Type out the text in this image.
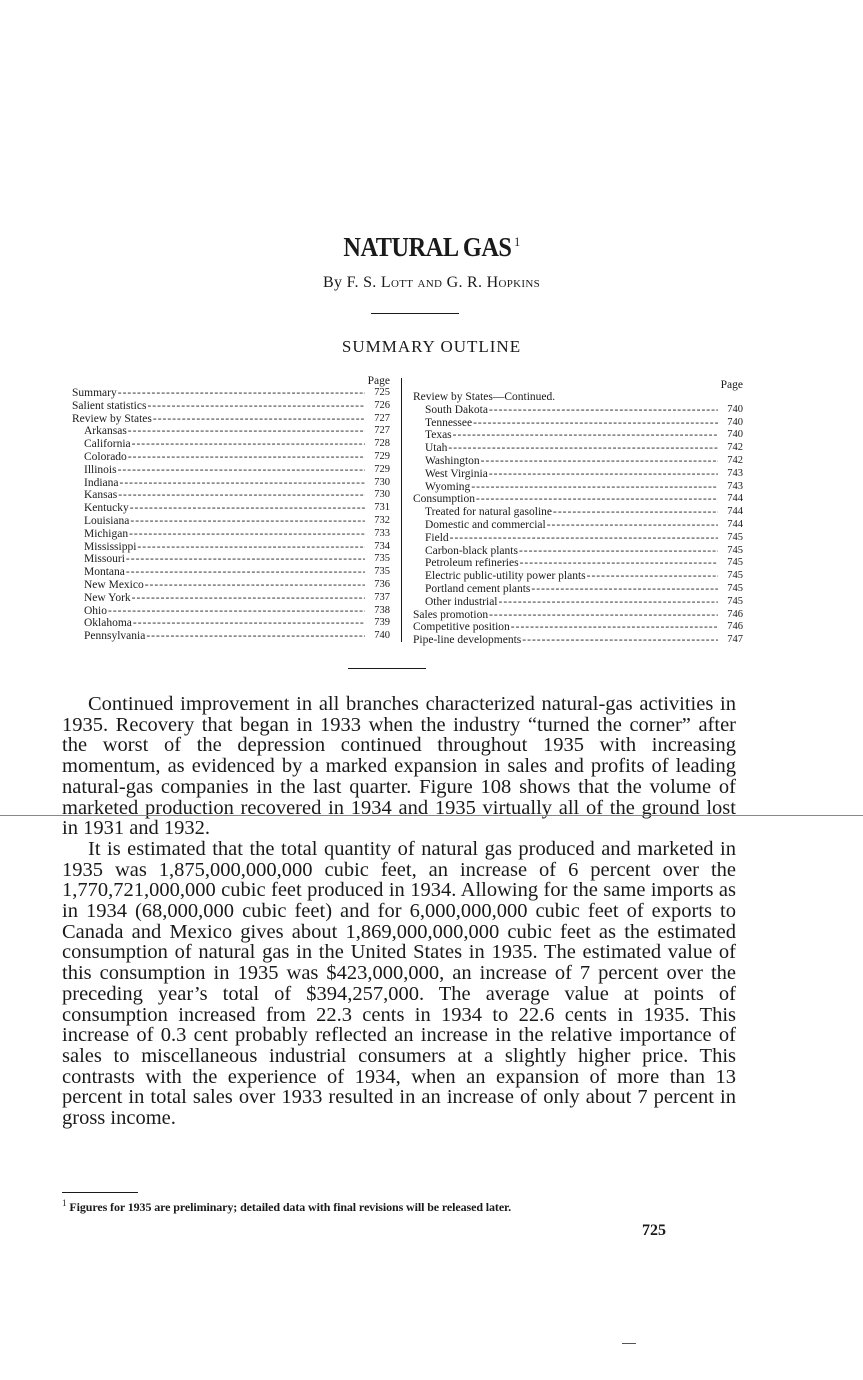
NATURAL GAS $^1$
By F. S. Lott and G. R. Hopkins
SUMMARY OUTLINE
Page
Summary -----	725
Salient statistics -----	726
Review by States -----	727
Arkansas -----	727
California -----	728
Colorado -----	729
Illinois -----	729
Indiana -----	730
Kansas -----	730
Kentucky -----	731
Louisiana -----	732
Michigan -----	733
Mississippi -----	734
Missouri -----	735
Montana -----	735
New Mexico -----	736
New York -----	737
Ohio -----	738
Oklahoma -----	739
Pennsylvania -----	740
Page
Review by States—Continued.
South Dakota -----	740
Tennessee -----	740
Texas -----	740
Utah -----	742
Washington -----	742
West Virginia -----	743
Wyoming -----	743
Consumption -----	744
Treated for natural gasoline -----	744
Domestic and commercial -----	744
Field -----	745
Carbon-black plants -----	745
Petroleum refineries -----	745
Electric public-utility power plants -----	745
Portland cement plants -----	745
Other industrial -----	745
Sales promotion -----	746
Competitive position -----	746
Pipe-line developments -----	747

Continued improvement in all branches characterized natural-gas activities in 1935. Recovery that began in 1933 when the industry “turned the corner” after the worst of the depression continued throughout 1935 with increasing momentum, as evidenced by a marked expansion in sales and profits of leading natural-gas companies in the last quarter. Figure 108 shows that the volume of marketed production recovered in 1934 and 1935 virtually all of the ground lost in 1931 and 1932.

It is estimated that the total quantity of natural gas produced and marketed in 1935 was 1,875,000,000,000 cubic feet, an increase of 6 percent over the 1,770,721,000,000 cubic feet produced in 1934. Allowing for the same imports as in 1934 (68,000,000 cubic feet) and for 6,000,000,000 cubic feet of exports to Canada and Mexico gives about 1,869,000,000,000 cubic feet as the estimated consumption of natural gas in the United States in 1935. The estimated value of this consumption in 1935 was $423,000,000, an increase of 7 percent over the preceding year’s total of $394,257,000. The average value at points of consumption increased from 22.3 cents in 1934 to 22.6 cents in 1935. This increase of 0.3 cent probably reflected an increase in the relative importance of sales to miscellaneous industrial consumers at a slightly higher price. This contrasts with the experience of 1934, when an expansion of more than 13 percent in total sales over 1933 resulted in an increase of only about 7 percent in gross income.

$^1$ Figures for 1935 are preliminary; detailed data with final revisions will be released later.
725
